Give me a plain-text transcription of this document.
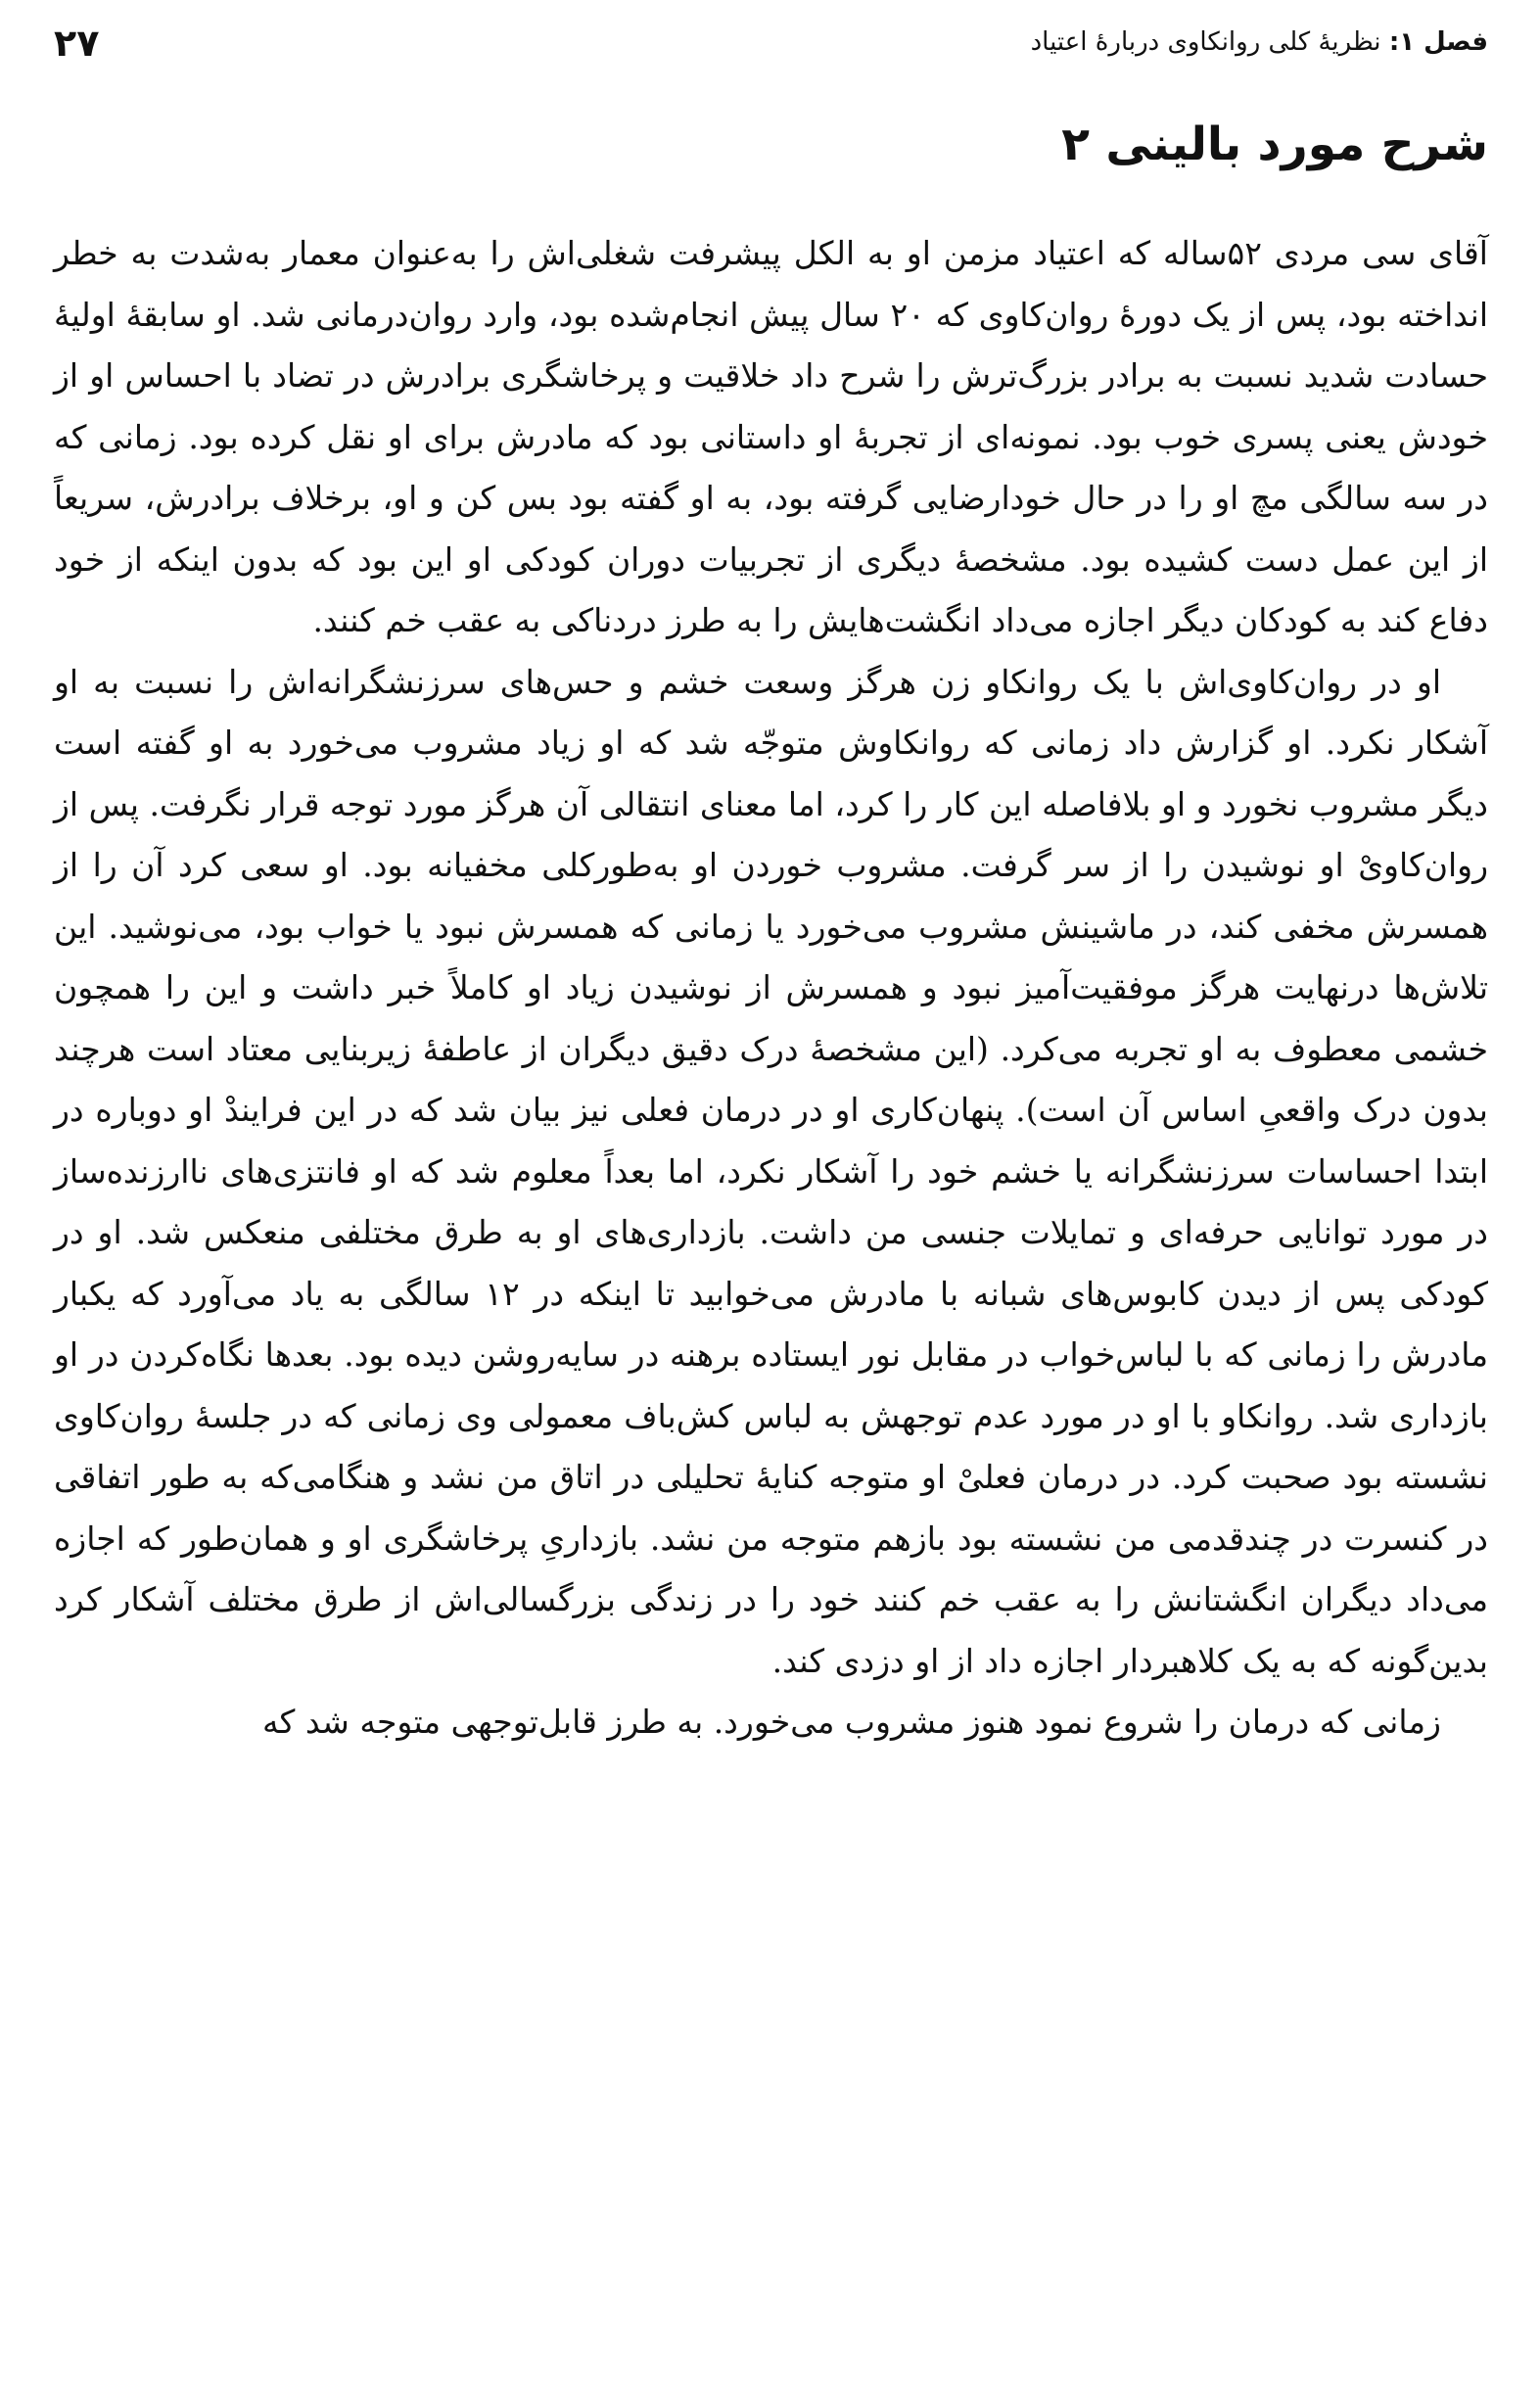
فصل ۱: نظریهٔ کلی روانکاوی دربارهٔ اعتیاد
۲۷
شرح مورد بالینی ۲

آقای سی مردی ۵۲ساله که اعتیاد مزمن او به الکل پیشرفت شغلی‌اش را به‌عنوان معمار به‌شدت به خطر انداخته بود، پس از یک دورهٔ روان‌کاوی که ۲۰ سال پیش انجام‌شده بود، وارد روان‌درمانی شد. او سابقهٔ اولیهٔ حسادت شدید نسبت به برادر بزرگ‌ترش را شرح داد خلاقیت و پرخاشگری برادرش در تضاد با احساس او از خودش یعنی پسری خوب بود. نمونه‌ای از تجربهٔ او داستانی بود که مادرش برای او نقل کرده بود. زمانی که در سه سالگی مچ او را در حال خودارضایی گرفته بود، به او گفته بود بس کن و او، برخلاف برادرش، سریعاً از این عمل دست کشیده بود. مشخصهٔ دیگری از تجربیات دوران کودکی او این بود که بدون اینکه از خود دفاع کند به کودکان دیگر اجازه می‌داد انگشت‌هایش را به طرز دردناکی به عقب خم کنند.

او در روان‌کاوی‌اش با یک روانکاو زن هرگز وسعت خشم و حس‌های سرزنشگرانه‌اش را نسبت به او آشکار نکرد. او گزارش داد زمانی که روانکاوش متوجّه شد که او زیاد مشروب می‌خورد به او گفته است دیگر مشروب نخورد و او بلافاصله این کار را کرد، اما معنای انتقالی آن هرگز مورد توجه قرار نگرفت. پس از روان‌کاویْ او نوشیدن را از سر گرفت. مشروب خوردن او به‌طورکلی مخفیانه بود. او سعی کرد آن را از همسرش مخفی کند، در ماشینش مشروب می‌خورد یا زمانی که همسرش نبود یا خواب بود، می‌نوشید. این تلاش‌ها درنهایت هرگز موفقیت‌آمیز نبود و همسرش از نوشیدن زیاد او کاملاً خبر داشت و این را همچون خشمی معطوف به او تجربه می‌کرد. (این مشخصهٔ درک دقیق دیگران از عاطفهٔ زیربنایی معتاد است هرچند بدون درک واقعیِ اساس آن است). پنهان‌کاری او در درمان فعلی نیز بیان شد که در این فرایندْ او دوباره در ابتدا احساسات سرزنشگرانه یا خشم خود را آشکار نکرد، اما بعداً معلوم شد که او فانتزی‌های ناارزنده‌ساز در مورد توانایی حرفه‌ای و تمایلات جنسی من داشت. بازداری‌های او به طرق مختلفی منعکس شد. او در کودکی پس از دیدن کابوس‌های شبانه با مادرش می‌خوابید تا اینکه در ۱۲ سالگی به یاد می‌آورد که یکبار مادرش را زمانی که با لباس‌خواب در مقابل نور ایستاده برهنه در سایه‌روشن دیده بود. بعدها نگاه‌کردن در او بازداری شد. روانکاو با او در مورد عدم توجهش به لباس کش‌باف معمولی وی زمانی که در جلسهٔ روان‌کاوی نشسته بود صحبت کرد. در درمان فعلیْ او متوجه کنایهٔ تحلیلی در اتاق من نشد و هنگامی‌که به طور اتفاقی در کنسرت در چندقدمی من نشسته بود بازهم متوجه من نشد. بازداریِ پرخاشگری او و همان‌طور که اجازه می‌داد دیگران انگشتانش را به عقب خم کنند خود را در زندگی بزرگسالی‌اش از طرق مختلف آشکار کرد بدین‌گونه که به یک کلاهبردار اجازه داد از او دزدی کند.

زمانی که درمان را شروع نمود هنوز مشروب می‌خورد. به طرز قابل‌توجهی متوجه شد که
